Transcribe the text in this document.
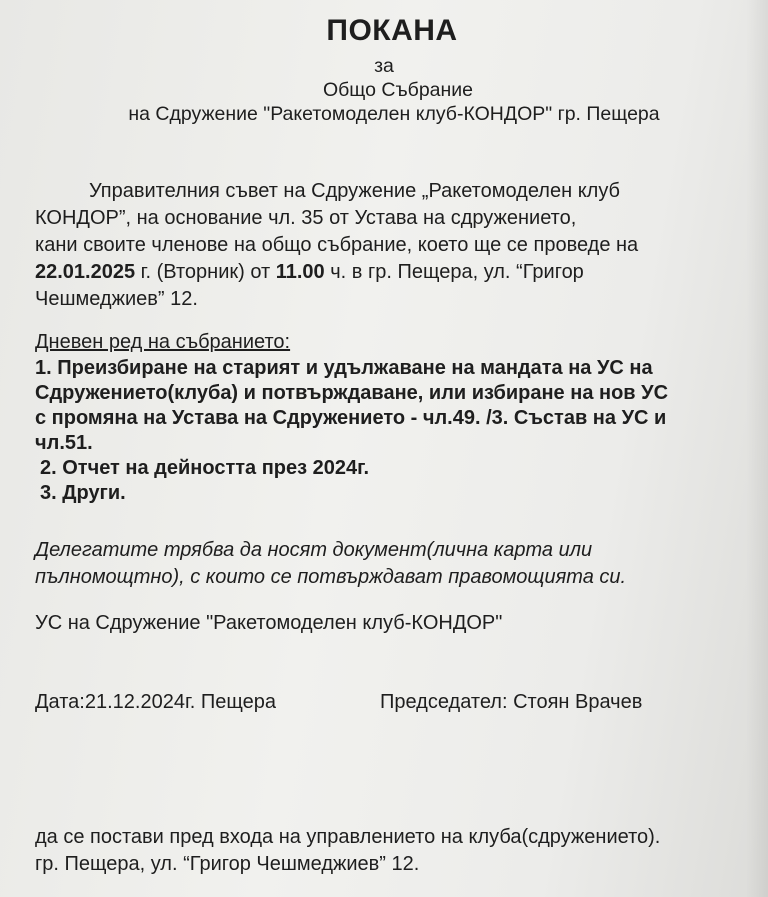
ПОКАНА
за
Общо Събрание
на Сдружение "Ракетомоделен клуб-КОНДОР" гр. Пещера
Управителния съвет на Сдружение „Ракетомоделен клуб
КОНДОР”, на основание чл. 35 от Устава на сдружението,
кани своите членове на общо събрание, което ще се проведе на
22.01.2025 г. (Вторник) от 11.00 ч. в гр. Пещера, ул. “Григор
Чешмеджиев” 12.
Дневен ред на събранието:
1. Преизбиране на старият и удължаване на мандата на УС на
Сдружението(клуба) и потвърждаване, или избиране на нов УС
с промяна на Устава на Сдружението - чл.49. /3. Състав на УС и
чл.51.
2. Отчет на дейността през 2024г.
3. Други.
Делегатите трябва да носят документ(лична карта или
пълномощтно), с които се потвърждават правомощията си.
УС на Сдружение "Ракетомоделен клуб-КОНДОР"
Дата:21.12.2024г. Пещера	Председател: Стоян Врачев
да се постави пред входа на управлението на клуба(сдружението).
гр. Пещера, ул. “Григор Чешмеджиев” 12.
